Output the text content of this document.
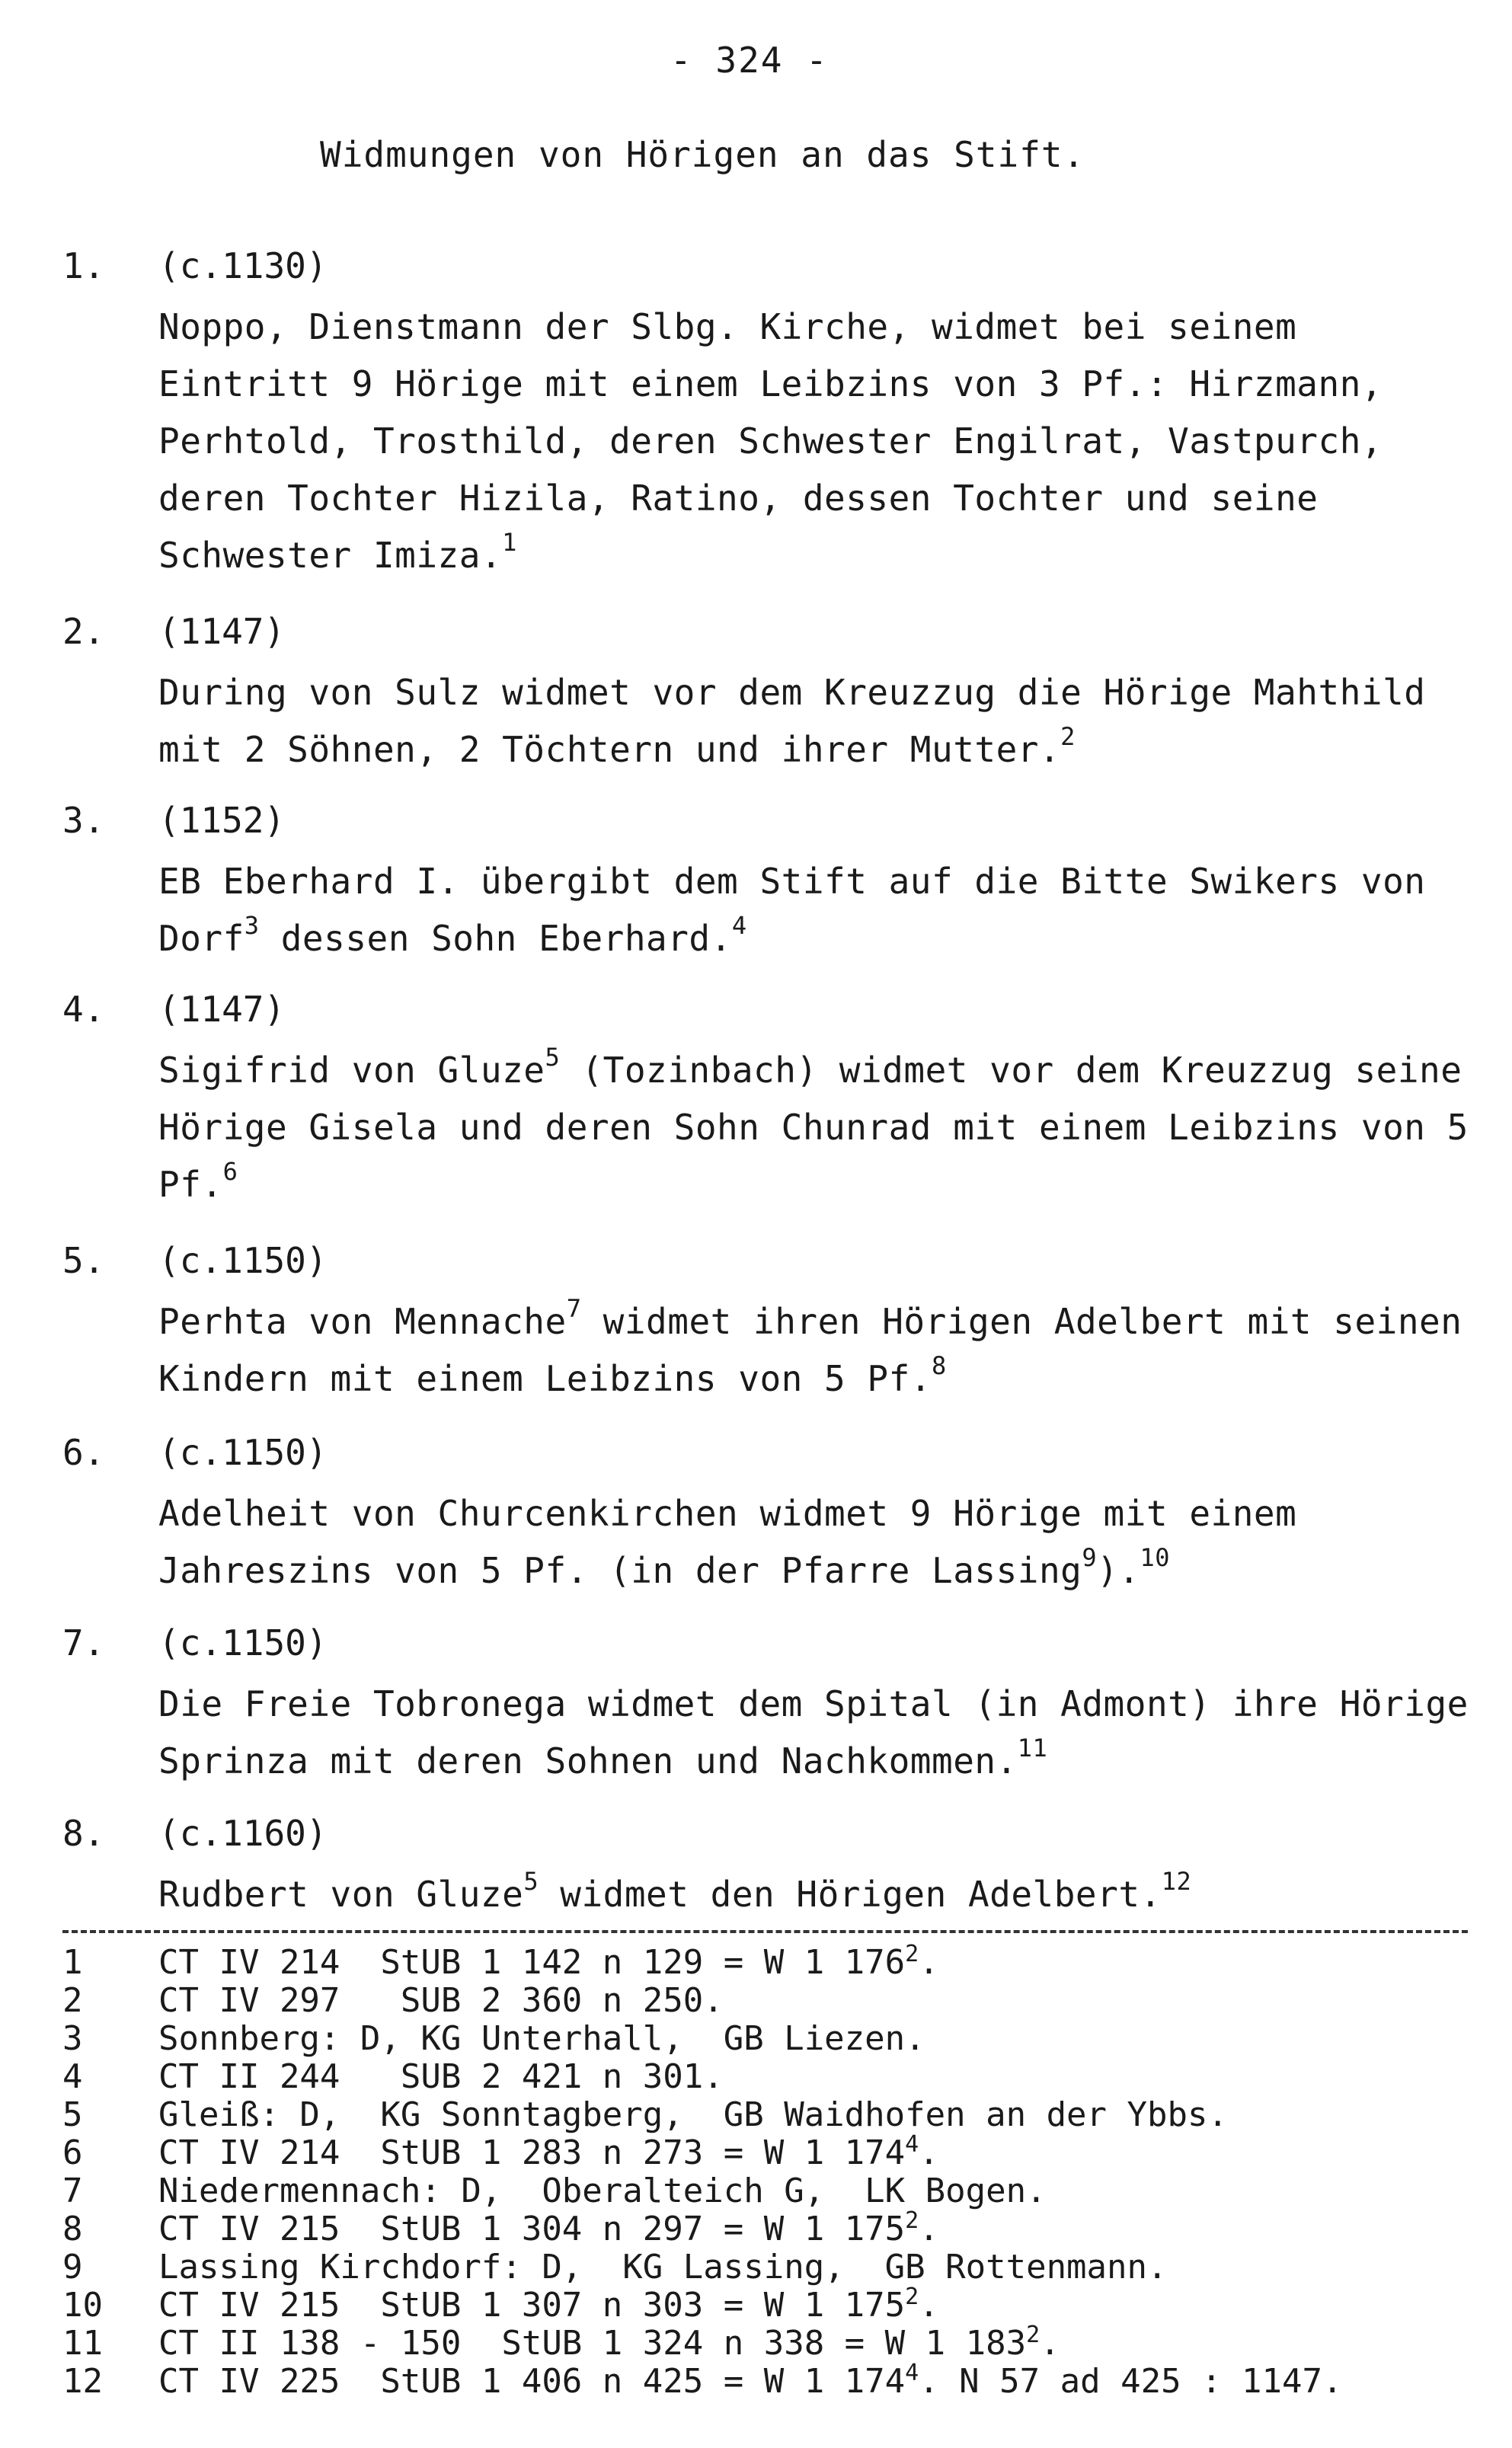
- 324 -
Widmungen von Hörigen an das Stift.
1. (c.1130)
Noppo, Dienstmann der Slbg. Kirche, widmet bei seinem Eintritt 9 Hörige mit einem Leibzins von 3 Pf.: Hirzmann, Perhtold, Trosthild, deren Schwester Engilrat, Vastpurch, deren Tochter Hizila, Ratino, dessen Tochter und seine Schwester Imiza.$^1$
2. (1147)
During von Sulz widmet vor dem Kreuzzug die Hörige Mahthild mit 2 Söhnen, 2 Töchtern und ihrer Mutter.$^2$
3. (1152)
EB Eberhard I. übergibt dem Stift auf die Bitte Swikers von Dorf$^3$ dessen Sohn Eberhard.$^4$
4. (1147)
Sigifrid von Gluze$^5$ (Tozinbach) widmet vor dem Kreuzzug seine Hörige Gisela und deren Sohn Chunrad mit einem Leibzins von 5 Pf.$^6$
5. (c.1150)
Perhta von Mennache$^7$ widmet ihren Hörigen Adelbert mit seinen Kindern mit einem Leibzins von 5 Pf.$^8$
6. (c.1150)
Adelheit von Churcenkirchen widmet 9 Hörige mit einem Jahreszins von 5 Pf. (in der Pfarre Lassing$^9$).$^{10}$
7. (c.1150)
Die Freie Tobronega widmet dem Spital (in Admont) ihre Hörige Sprinza mit deren Sohnen und Nachkommen.$^{11}$
8. (c.1160)
Rudbert von Gluze$^5$ widmet den Hörigen Adelbert.$^{12}$
1 CT IV 214  StUB 1 142 n 129 = W 1 $176^2$.
2 CT IV 297   SUB 2 360 n 250.
3 Sonnberg: D, KG Unterhall,  GB Liezen.
4 CT II 244   SUB 2 421 n 301.
5 Gleiß: D,  KG Sonntagberg,  GB Waidhofen an der Ybbs.
6 CT IV 214  StUB 1 283 n 273 = W 1 $174^4$.
7 Niedermennach: D,  Oberalteich G,  LK Bogen.
8 CT IV 215  StUB 1 304 n 297 = W 1 $175^2$.
9 Lassing Kirchdorf: D,  KG Lassing,  GB Rottenmann.
10 CT IV 215  StUB 1 307 n 303 = W 1 $175^2$.
11 CT II 138 - 150  StUB 1 324 n 338 = W 1 $183^2$.
12 CT IV 225  StUB 1 406 n 425 = W 1 $174^4$. N 57 ad 425 : 1147.
